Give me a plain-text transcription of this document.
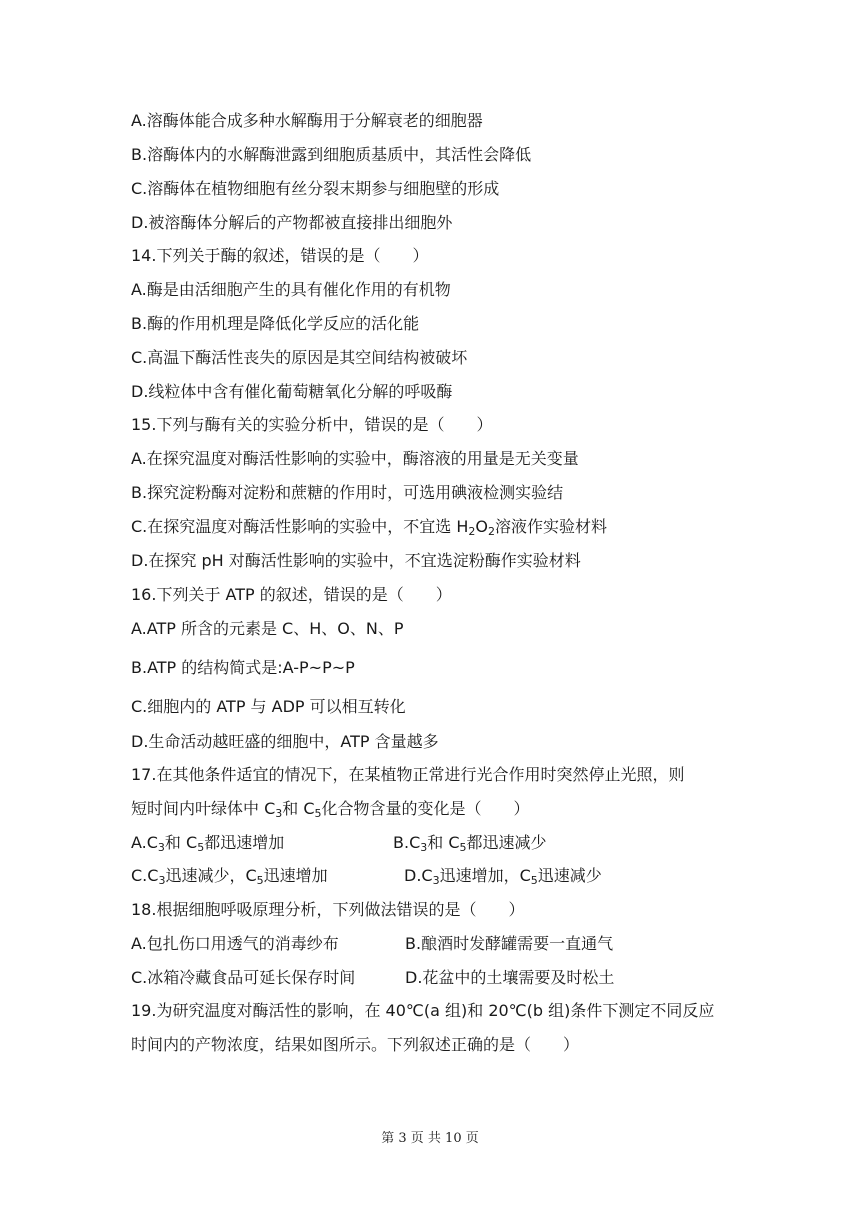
A.溶酶体能合成多种水解酶用于分解衰老的细胞器
B.溶酶体内的水解酶泄露到细胞质基质中，其活性会降低
C.溶酶体在植物细胞有丝分裂末期参与细胞壁的形成
D.被溶酶体分解后的产物都被直接排出细胞外
14.下列关于酶的叙述，错误的是（　　）
A.酶是由活细胞产生的具有催化作用的有机物
B.酶的作用机理是降低化学反应的活化能
C.高温下酶活性丧失的原因是其空间结构被破坏
D.线粒体中含有催化葡萄糖氧化分解的呼吸酶
15.下列与酶有关的实验分析中，错误的是（　　）
A.在探究温度对酶活性影响的实验中，酶溶液的用量是无关变量
B.探究淀粉酶对淀粉和蔗糖的作用时，可选用碘液检测实验结
C.在探究温度对酶活性影响的实验中，不宜选 $H_2O_2$溶液作实验材料
D.在探究 pH 对酶活性影响的实验中，不宜选淀粉酶作实验材料
16.下列关于 ATP 的叙述，错误的是（　　）
A.ATP 所含的元素是 C、H、O、N、P
B.ATP 的结构简式是:A-P~P~P
C.细胞内的 ATP 与 ADP 可以相互转化
D.生命活动越旺盛的细胞中，ATP 含量越多
17.在其他条件适宜的情况下，在某植物正常进行光合作用时突然停止光照，则
短时间内叶绿体中 $C_3$和 $C_5$化合物含量的变化是（　　）
$A.C_3$和 $C_5$都迅速增加	$B.C_3$和 $C_5$都迅速减少
$C.C_3$迅速减少，$C_5$迅速增加	$D.C_3$迅速增加，$C_5$迅速减少
18.根据细胞呼吸原理分析，下列做法错误的是（　　）
A.包扎伤口用透气的消毒纱布	B.酿酒时发酵罐需要一直通气
C.冰箱冷藏食品可延长保存时间	D.花盆中的土壤需要及时松土
19.为研究温度对酶活性的影响，在 40℃(a 组)和 20℃(b 组)条件下测定不同反应
时间内的产物浓度，结果如图所示。下列叙述正确的是（　　）
第 3 页 共 10 页
